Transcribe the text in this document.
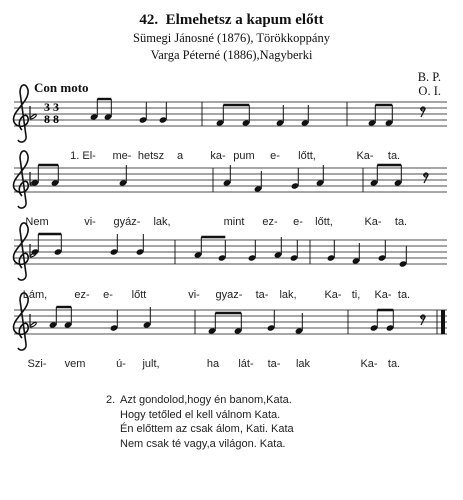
42. Elmehetsz a kapum előtt
Sümegi Jánosné (1876), Törökkoppány
Varga Péterné (1886),Nagyberki
Con moto
B. P.
O. I.
3
8
3
8
1. El- me- hetsz a ka- pum e- lőtt,	Ka- ta.
Nem	vi- gyáz- lak,	mint ez- e- lőtt,	Ka- ta.
Lám, ez- e- lőtt	vi- gyaz- ta- lak,	Ka- ti, Ka- ta.
Szi- vem	ú- jult,	ha lát- ta- lak	Ka- ta.
2. Azt gondolod,hogy én banom,Kata.
Hogy tetőled el kell válnom Kata.
Én előttem az csak álom, Kati. Kata
Nem csak té vagy,a világon. Kata.
